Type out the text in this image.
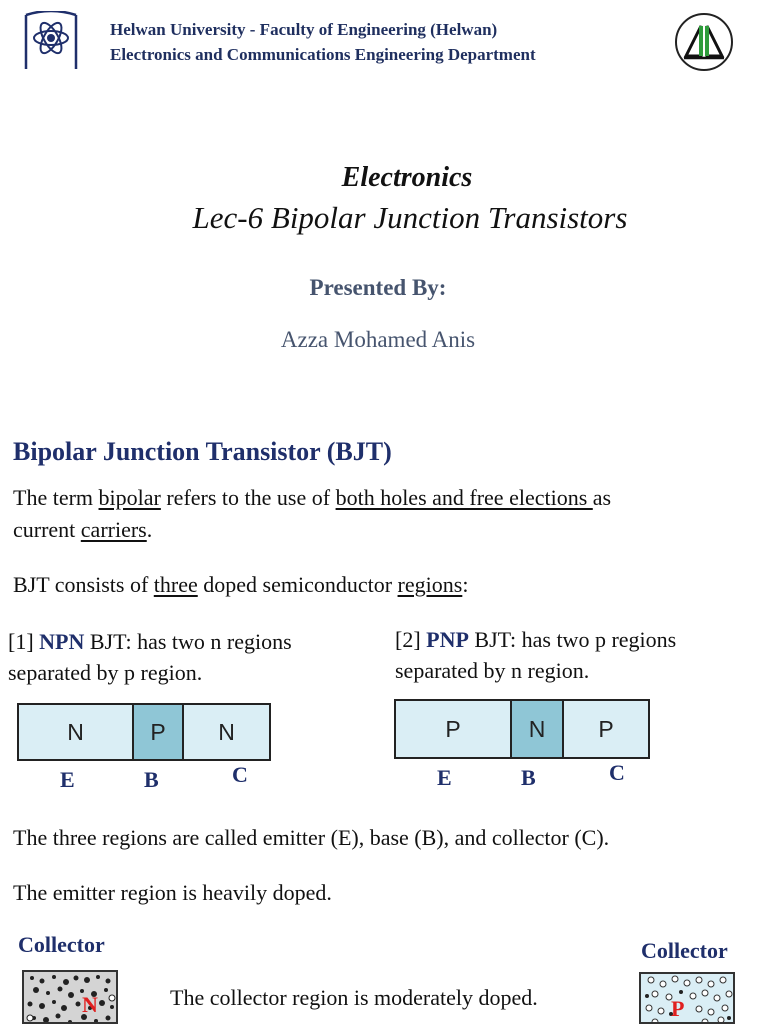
Helwan University - Faculty of Engineering (Helwan)
Electronics and Communications Engineering Department
Electronics
Lec-6 Bipolar Junction Transistors
Presented By:
Azza Mohamed Anis
Bipolar Junction Transistor (BJT)
The term bipolar refers to the use of both holes and free elections as
current carriers.
BJT consists of three doped semiconductor regions:
[1] NPN BJT: has two n regions
separated by p region.
[2] PNP BJT: has two p regions
separated by n region.
N	P	N
E	B	C
P	N	P
E	B	C
The three regions are called emitter (E), base (B), and collector (C).
The emitter region is heavily doped.
Collector	Collector
N	The collector region is moderately doped.	P
